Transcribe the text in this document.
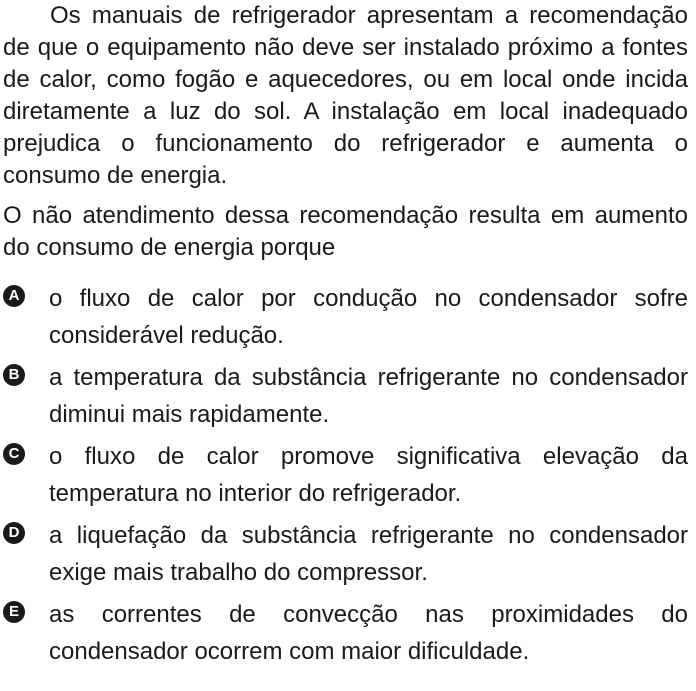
Os manuais de refrigerador apresentam a recomendação de que o equipamento não deve ser instalado próximo a fontes de calor, como fogão e aquecedores, ou em local onde incida diretamente a luz do sol. A instalação em local inadequado prejudica o funcionamento do refrigerador e aumenta o consumo de energia.

O não atendimento dessa recomendação resulta em aumento do consumo de energia porque

A o fluxo de calor por condução no condensador sofre considerável redução.
B a temperatura da substância refrigerante no condensador diminui mais rapidamente.
C o fluxo de calor promove significativa elevação da temperatura no interior do refrigerador.
D a liquefação da substância refrigerante no condensador exige mais trabalho do compressor.
E as correntes de convecção nas proximidades do condensador ocorrem com maior dificuldade.
